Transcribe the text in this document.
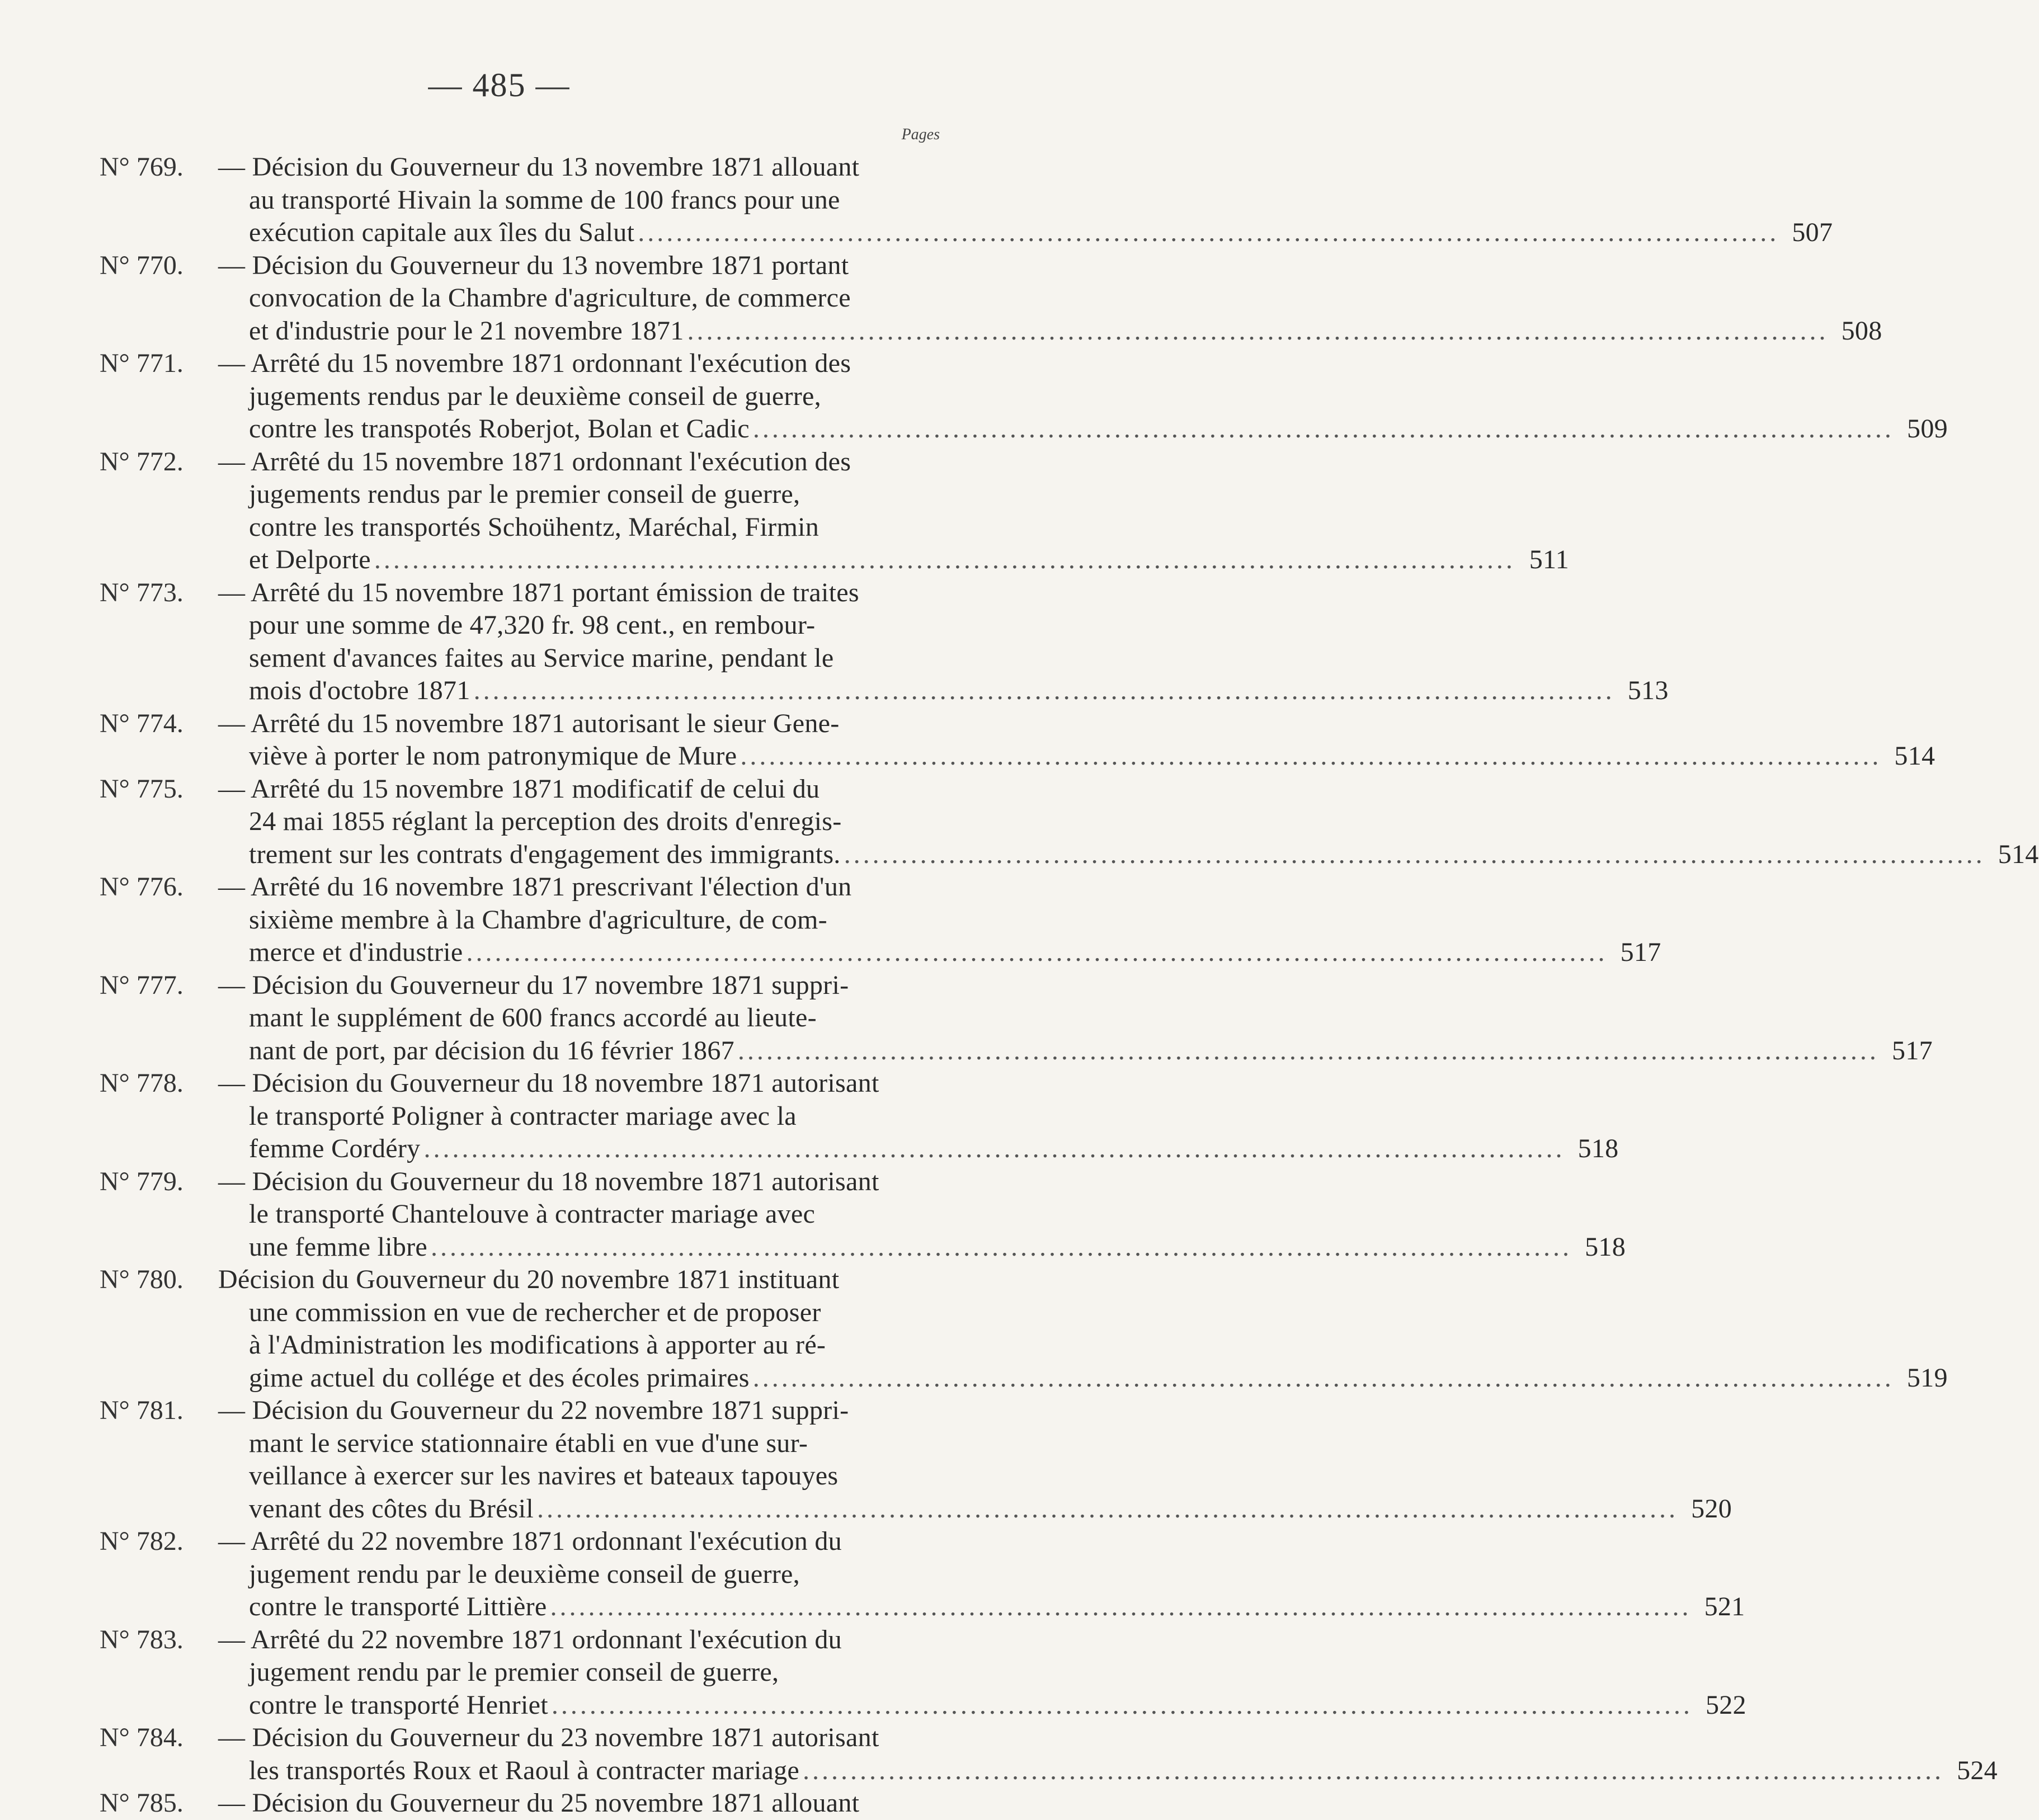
— 485 —
Pages
N° 769. — Décision du Gouverneur du 13 novembre 1871 allouant
au transporté Hivain la somme de 100 francs pour une
exécution capitale aux îles du Salut ........................................................................................................................ 507
N° 770. — Décision du Gouverneur du 13 novembre 1871 portant
convocation de la Chambre d'agriculture, de commerce
et d'industrie pour le 21 novembre 1871 ........................................................................................................................ 508
N° 771. — Arrêté du 15 novembre 1871 ordonnant l'exécution des
jugements rendus par le deuxième conseil de guerre,
contre les transpotés Roberjot, Bolan et Cadic ........................................................................................................................ 509
N° 772. — Arrêté du 15 novembre 1871 ordonnant l'exécution des
jugements rendus par le premier conseil de guerre,
contre les transportés Schoühentz, Maréchal, Firmin
et Delporte ........................................................................................................................ 511
N° 773. — Arrêté du 15 novembre 1871 portant émission de traites
pour une somme de 47,320 fr. 98 cent., en rembour-
sement d'avances faites au Service marine, pendant le
mois d'octobre 1871 ........................................................................................................................ 513
N° 774. — Arrêté du 15 novembre 1871 autorisant le sieur Gene-
viève à porter le nom patronymique de Mure ........................................................................................................................ 514
N° 775. — Arrêté du 15 novembre 1871 modificatif de celui du
24 mai 1855 réglant la perception des droits d'enregis-
trement sur les contrats d'engagement des immigrants. ........................................................................................................................ 514
N° 776. — Arrêté du 16 novembre 1871 prescrivant l'élection d'un
sixième membre à la Chambre d'agriculture, de com-
merce et d'industrie ........................................................................................................................ 517
N° 777. — Décision du Gouverneur du 17 novembre 1871 suppri-
mant le supplément de 600 francs accordé au lieute-
nant de port, par décision du 16 février 1867 ........................................................................................................................ 517
N° 778. — Décision du Gouverneur du 18 novembre 1871 autorisant
le transporté Poligner à contracter mariage avec la
femme Cordéry ........................................................................................................................ 518
N° 779. — Décision du Gouverneur du 18 novembre 1871 autorisant
le transporté Chantelouve à contracter mariage avec
une femme libre ........................................................................................................................ 518
N° 780. Décision du Gouverneur du 20 novembre 1871 instituant
une commission en vue de rechercher et de proposer
à l'Administration les modifications à apporter au ré-
gime actuel du collége et des écoles primaires ........................................................................................................................ 519
N° 781. — Décision du Gouverneur du 22 novembre 1871 suppri-
mant le service stationnaire établi en vue d'une sur-
veillance à exercer sur les navires et bateaux tapouyes
venant des côtes du Brésil ........................................................................................................................ 520
N° 782. — Arrêté du 22 novembre 1871 ordonnant l'exécution du
jugement rendu par le deuxième conseil de guerre,
contre le transporté Littière ........................................................................................................................ 521
N° 783. — Arrêté du 22 novembre 1871 ordonnant l'exécution du
jugement rendu par le premier conseil de guerre,
contre le transporté Henriet ........................................................................................................................ 522
N° 784. — Décision du Gouverneur du 23 novembre 1871 autorisant
les transportés Roux et Raoul à contracter mariage ........................................................................................................................ 524
N° 785. — Décision du Gouverneur du 25 novembre 1871 allouant
